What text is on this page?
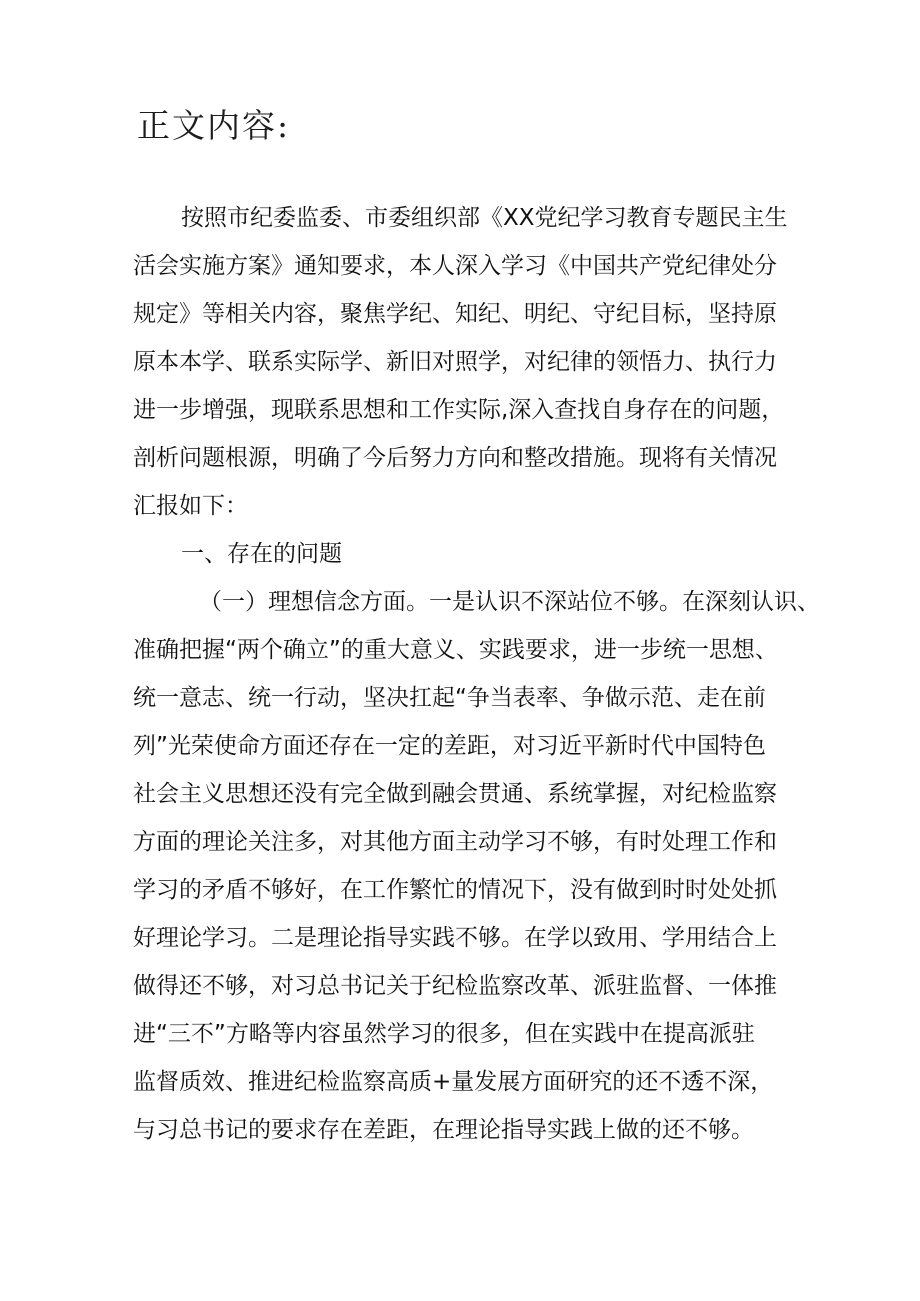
正文内容:
按照市纪委监委、市委组织部《XX党纪学习教育专题民主生
活会实施方案》通知要求，本人深入学习《中国共产党纪律处分
规定》等相关内容，聚焦学纪、知纪、明纪、守纪目标，坚持原
原本本学、联系实际学、新旧对照学，对纪律的领悟力、执行力
进一步增强，现联系思想和工作实际,深入查找自身存在的问题，
剖析问题根源，明确了今后努力方向和整改措施。现将有关情况
汇报如下：
一、存在的问题
（一）理想信念方面。一是认识不深站位不够。在深刻认识、
准确把握“两个确立”的重大意义、实践要求，进一步统一思想、
统一意志、统一行动，坚决扛起“争当表率、争做示范、走在前
列”光荣使命方面还存在一定的差距，对习近平新时代中国特色
社会主义思想还没有完全做到融会贯通、系统掌握，对纪检监察
方面的理论关注多，对其他方面主动学习不够，有时处理工作和
学习的矛盾不够好，在工作繁忙的情况下，没有做到时时处处抓
好理论学习。二是理论指导实践不够。在学以致用、学用结合上
做得还不够，对习总书记关于纪检监察改革、派驻监督、一体推
进“三不”方略等内容虽然学习的很多，但在实践中在提高派驻
监督质效、推进纪检监察高质+量发展方面研究的还不透不深，
与习总书记的要求存在差距，在理论指导实践上做的还不够。
